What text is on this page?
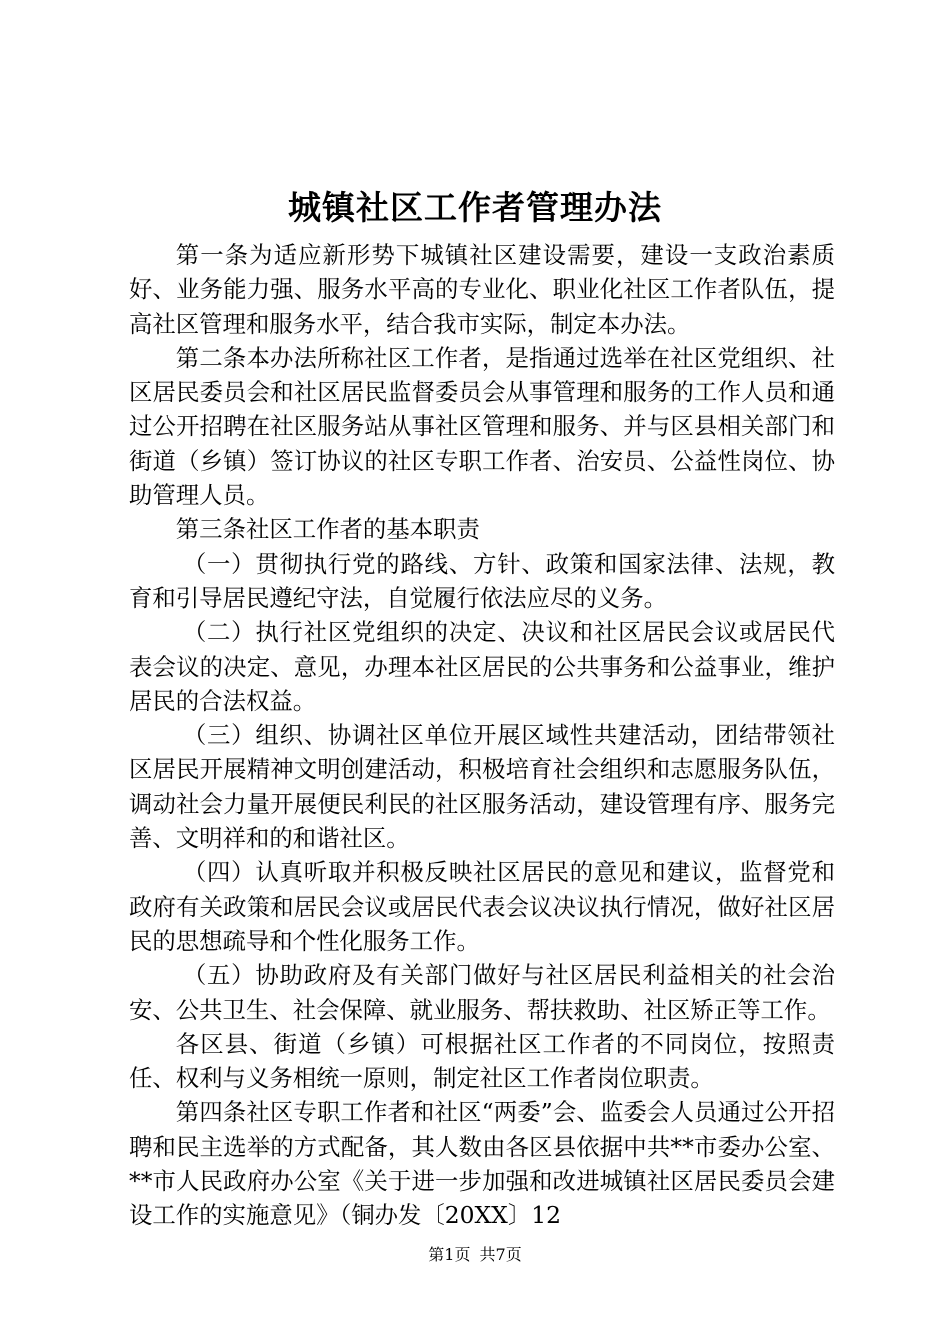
城镇社区工作者管理办法

第一条为适应新形势下城镇社区建设需要，建设一支政治素质好、业务能力强、服务水平高的专业化、职业化社区工作者队伍，提高社区管理和服务水平，结合我市实际，制定本办法。

第二条本办法所称社区工作者，是指通过选举在社区党组织、社区居民委员会和社区居民监督委员会从事管理和服务的工作人员和通过公开招聘在社区服务站从事社区管理和服务、并与区县相关部门和街道（乡镇）签订协议的社区专职工作者、治安员、公益性岗位、协助管理人员。

第三条社区工作者的基本职责

（一）贯彻执行党的路线、方针、政策和国家法律、法规，教育和引导居民遵纪守法，自觉履行依法应尽的义务。

（二）执行社区党组织的决定、决议和社区居民会议或居民代表会议的决定、意见，办理本社区居民的公共事务和公益事业，维护居民的合法权益。

（三）组织、协调社区单位开展区域性共建活动，团结带领社区居民开展精神文明创建活动，积极培育社会组织和志愿服务队伍，调动社会力量开展便民利民的社区服务活动，建设管理有序、服务完善、文明祥和的和谐社区。

（四）认真听取并积极反映社区居民的意见和建议，监督党和政府有关政策和居民会议或居民代表会议决议执行情况，做好社区居民的思想疏导和个性化服务工作。

（五）协助政府及有关部门做好与社区居民利益相关的社会治安、公共卫生、社会保障、就业服务、帮扶救助、社区矫正等工作。

各区县、街道（乡镇）可根据社区工作者的不同岗位，按照责任、权利与义务相统一原则，制定社区工作者岗位职责。

第四条社区专职工作者和社区“两委”会、监委会人员通过公开招聘和民主选举的方式配备，其人数由各区县依据中共**市委办公室、**市人民政府办公室《关于进一步加强和改进城镇社区居民委员会建设工作的实施意见》（铜办发〔20XX〕12

第1页 共7页
